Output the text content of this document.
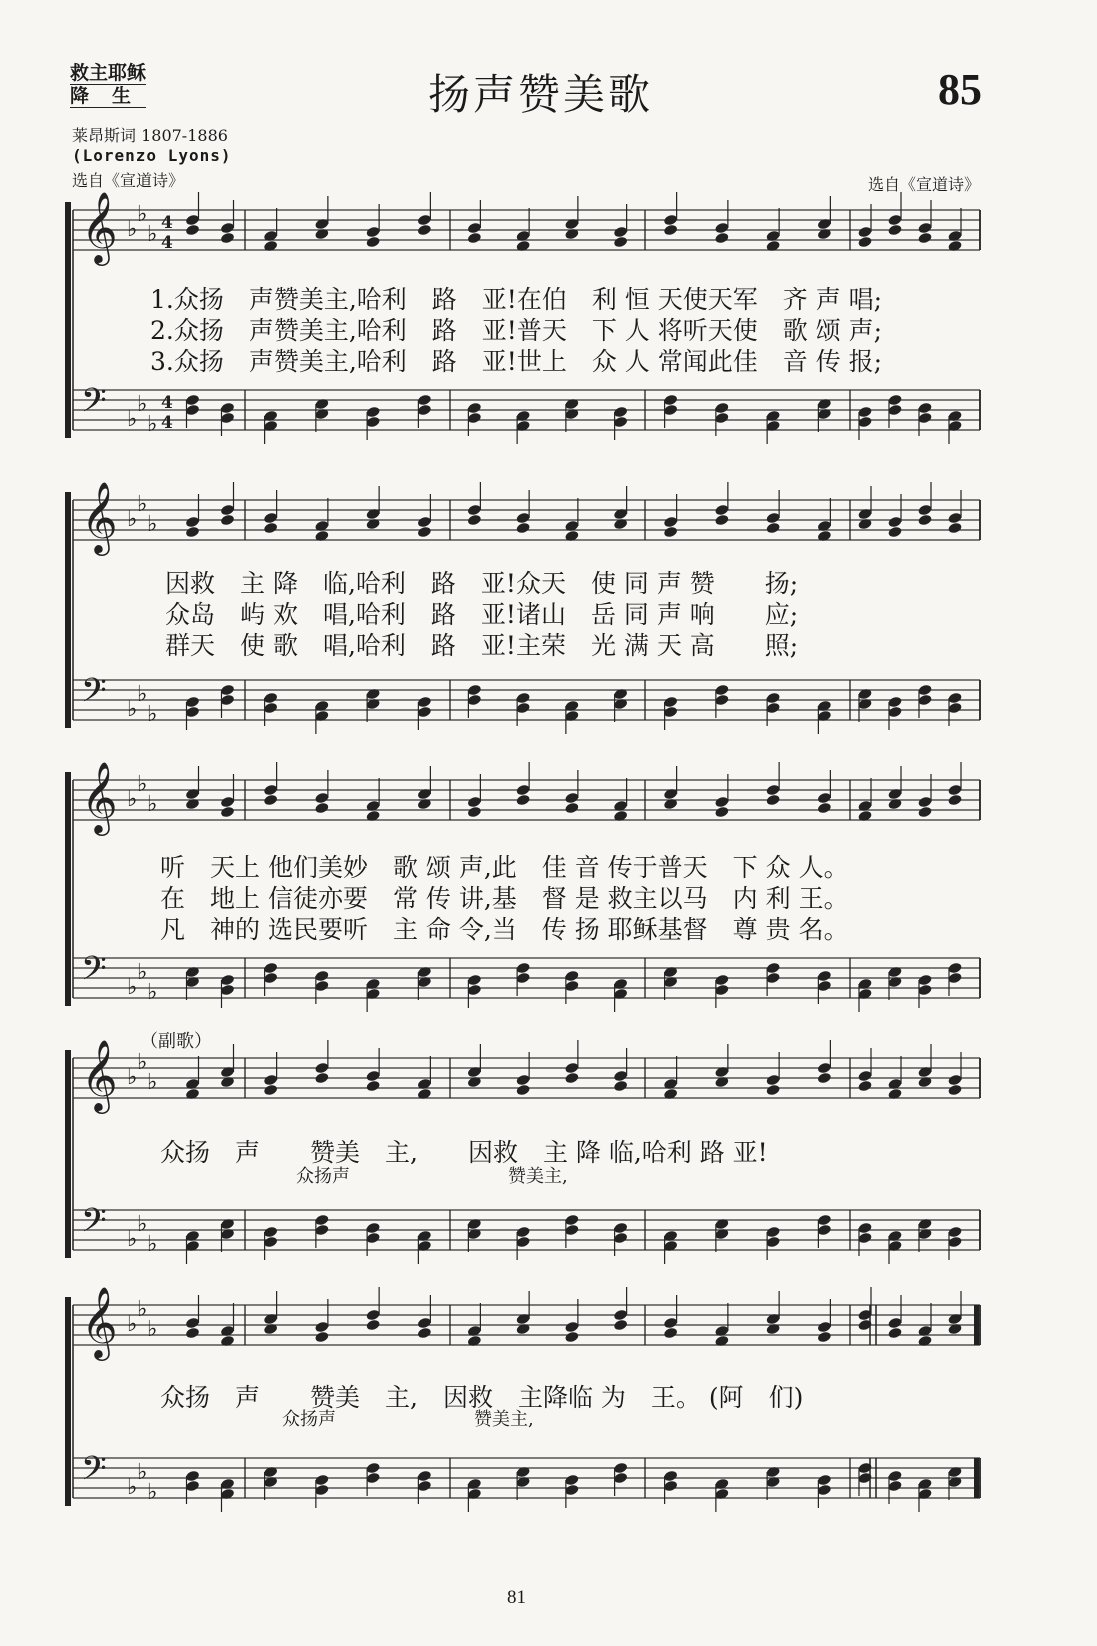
救主耶稣
降　生	扬声赞美歌	85
莱昂斯词 1807-1886
(Lorenzo Lyons)
选自《宣道诗》	选自《宣道诗》
𝄞 ♭
♭
♭ 4
4
𝄢 ♭
♭
♭
4
4
1.众扬　声赞美主,哈利　路　亚!在伯　利 恒 天使天军　齐 声 唱;
2.众扬　声赞美主,哈利　路　亚!普天　下 人 将听天使　歌 颂 声;
3.众扬　声赞美主,哈利　路　亚!世上　众 人 常闻此佳　音 传 报;
𝄞 ♭
♭
♭
𝄢 ♭
♭
♭
因救　主 降　临,哈利　路　亚!众天　使 同 声 赞　　扬;
众岛　屿 欢　唱,哈利　路　亚!诸山　岳 同 声 响　　应;
群天　使 歌　唱,哈利　路　亚!主荣　光 满 天 高　　照;
𝄞 ♭
♭
♭
𝄢 ♭
♭
♭
听　天上 他们美妙　歌 颂 声,此　佳 音 传于普天　下 众 人。
在　地上 信徒亦要　常 传 讲,基　督 是 救主以马　内 利 王。
凡　神的 选民要听　主 命 令,当　传 扬 耶稣基督　尊 贵 名。
（副歌）
𝄞 ♭
♭
♭
𝄢 ♭
♭
♭
众扬　声　　赞美　主,　　因救　主 降 临,哈利 路 亚!
众扬声	赞美主,
𝄞 ♭
♭
♭
𝄢 ♭
♭
♭
众扬　声　　赞美　主,　因救　主降临 为　王。 (阿　们)
众扬声	赞美主,
81
